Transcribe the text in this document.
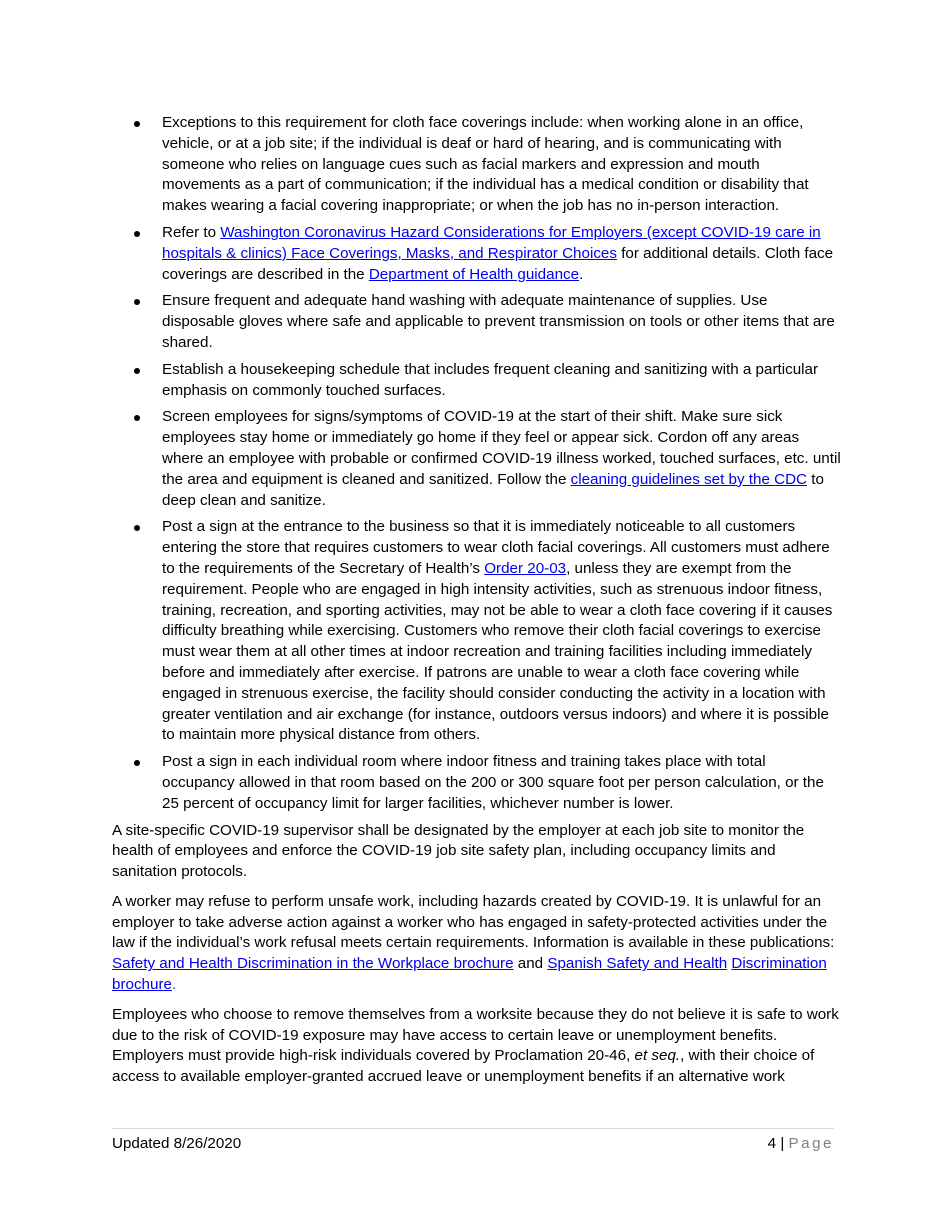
Exceptions to this requirement for cloth face coverings include: when working alone in an office, vehicle, or at a job site; if the individual is deaf or hard of hearing, and is communicating with someone who relies on language cues such as facial markers and expression and mouth movements as a part of communication; if the individual has a medical condition or disability that makes wearing a facial covering inappropriate; or when the job has no in-person interaction.
Refer to Washington Coronavirus Hazard Considerations for Employers (except COVID-19 care in hospitals & clinics) Face Coverings, Masks, and Respirator Choices for additional details. Cloth face coverings are described in the Department of Health guidance.
Ensure frequent and adequate hand washing with adequate maintenance of supplies. Use disposable gloves where safe and applicable to prevent transmission on tools or other items that are shared.
Establish a housekeeping schedule that includes frequent cleaning and sanitizing with a particular emphasis on commonly touched surfaces.
Screen employees for signs/symptoms of COVID-19 at the start of their shift. Make sure sick employees stay home or immediately go home if they feel or appear sick. Cordon off any areas where an employee with probable or confirmed COVID-19 illness worked, touched surfaces, etc. until the area and equipment is cleaned and sanitized. Follow the cleaning guidelines set by the CDC to deep clean and sanitize.
Post a sign at the entrance to the business so that it is immediately noticeable to all customers entering the store that requires customers to wear cloth facial coverings. All customers must adhere to the requirements of the Secretary of Health’s Order 20-03, unless they are exempt from the requirement. People who are engaged in high intensity activities, such as strenuous indoor fitness, training, recreation, and sporting activities, may not be able to wear a cloth face covering if it causes difficulty breathing while exercising. Customers who remove their cloth facial coverings to exercise must wear them at all other times at indoor recreation and training facilities including immediately before and immediately after exercise. If patrons are unable to wear a cloth face covering while engaged in strenuous exercise, the facility should consider conducting the activity in a location with greater ventilation and air exchange (for instance, outdoors versus indoors) and where it is possible to maintain more physical distance from others.
Post a sign in each individual room where indoor fitness and training takes place with total occupancy allowed in that room based on the 200 or 300 square foot per person calculation, or the 25 percent of occupancy limit for larger facilities, whichever number is lower.

A site-specific COVID-19 supervisor shall be designated by the employer at each job site to monitor the health of employees and enforce the COVID-19 job site safety plan, including occupancy limits and sanitation protocols.

A worker may refuse to perform unsafe work, including hazards created by COVID-19. It is unlawful for an employer to take adverse action against a worker who has engaged in safety-protected activities under the law if the individual’s work refusal meets certain requirements. Information is available in these publications: Safety and Health Discrimination in the Workplace brochure and Spanish Safety and Health Discrimination brochure.

Employees who choose to remove themselves from a worksite because they do not believe it is safe to work due to the risk of COVID-19 exposure may have access to certain leave or unemployment benefits. Employers must provide high-risk individuals covered by Proclamation 20-46, et seq., with their choice of access to available employer-granted accrued leave or unemployment benefits if an alternative work

Updated 8/26/2020	4 | Page
